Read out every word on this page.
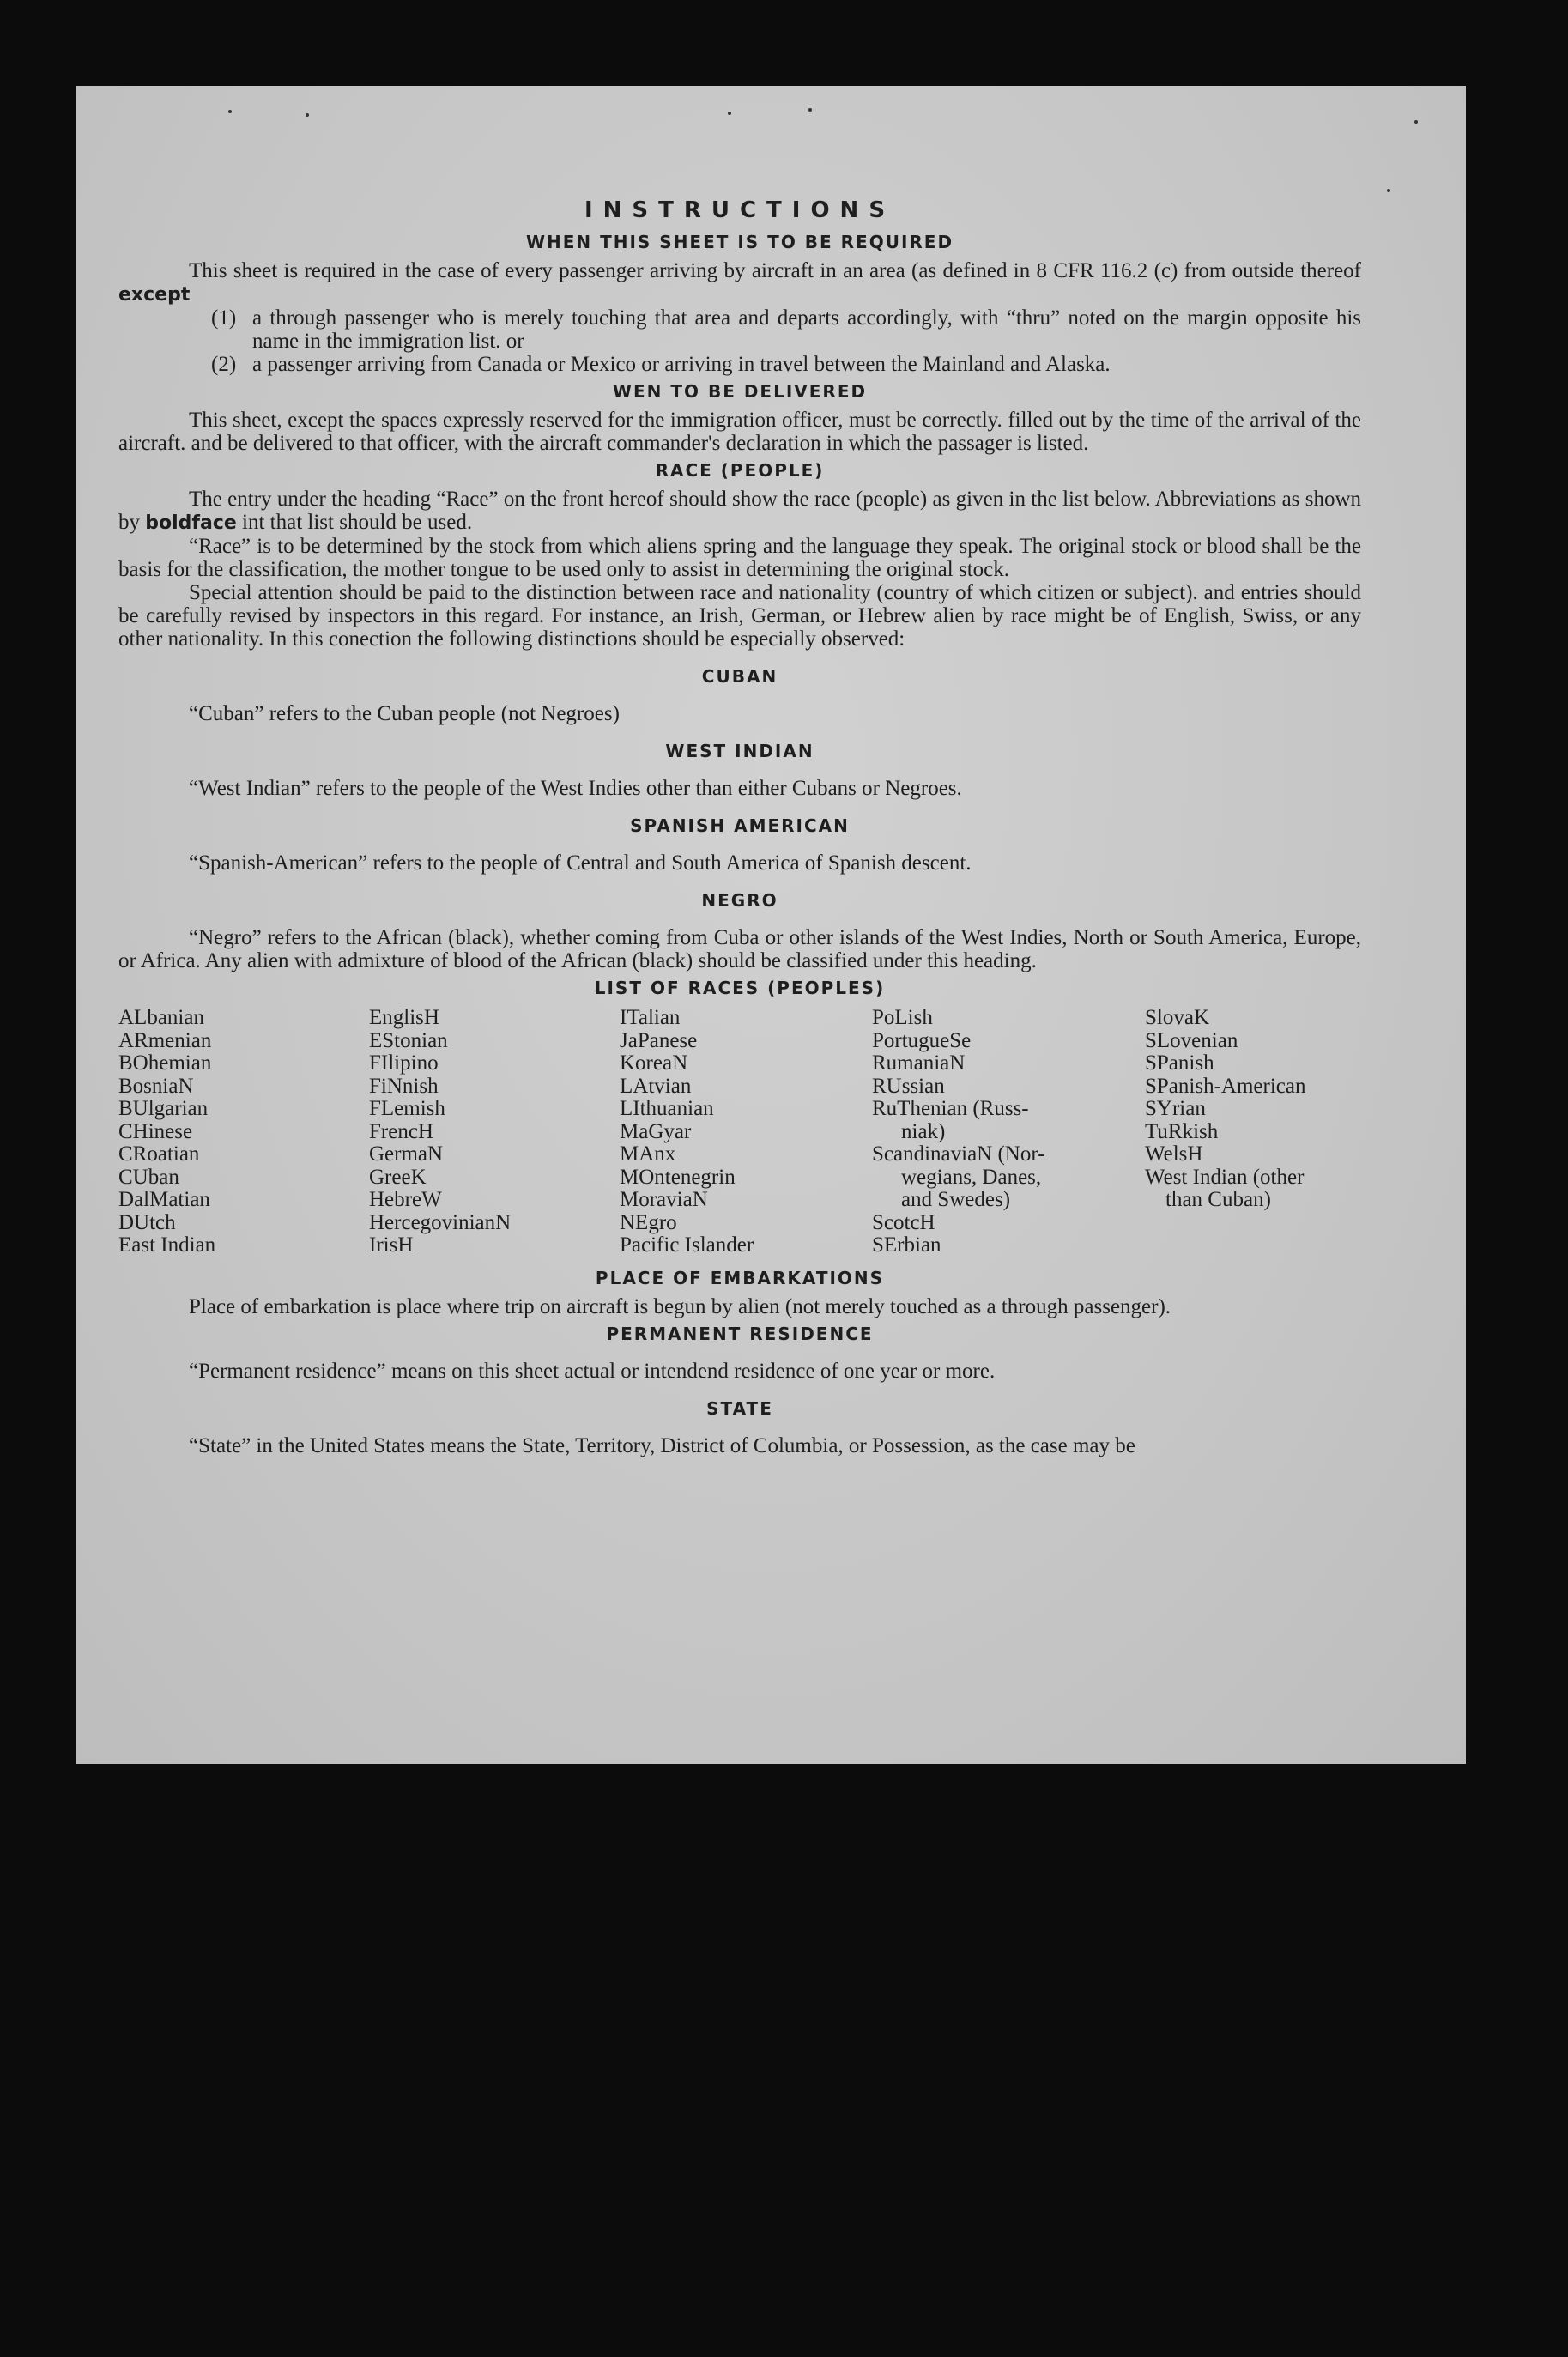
INSTRUCTIONS
WHEN THIS SHEET IS TO BE REQUIRED

This sheet is required in the case of every passenger arriving by aircraft in an area (as defined in 8 CFR 116.2 (c) from outside thereof except

(1) a through passenger who is merely touching that area and departs accordingly, with “thru” noted on the margin opposite his name in the immigration list. or
(2) a passenger arriving from Canada or Mexico or arriving in travel between the Mainland and Alaska.
WEN TO BE DELIVERED

This sheet, except the spaces expressly reserved for the immigration officer, must be correctly. filled out by the time of the arrival of the aircraft. and be delivered to that officer, with the aircraft commander's declaration in which the passager is listed.

RACE (PEOPLE)

The entry under the heading “Race” on the front hereof should show the race (people) as given in the list below. Abbreviations as shown by boldface int that list should be used.

“Race” is to be determined by the stock from which aliens spring and the language they speak. The original stock or blood shall be the basis for the classification, the mother tongue to be used only to assist in determining the original stock.

Special attention should be paid to the distinction between race and nationality (country of which citizen or subject). and entries should be carefully revised by inspectors in this regard. For instance, an Irish, German, or Hebrew alien by race might be of English, Swiss, or any other nationality. In this conection the following distinctions should be especially observed:

CUBAN

“Cuban” refers to the Cuban people (not Negroes)

WEST INDIAN

“West Indian” refers to the people of the West Indies other than either Cubans or Negroes.

SPANISH AMERICAN

“Spanish-American” refers to the people of Central and South America of Spanish descent.

NEGRO

“Negro” refers to the African (black), whether coming from Cuba or other islands of the West Indies, North or South America, Europe, or Africa. Any alien with admixture of blood of the African (black) should be classified under this heading.

LIST OF RACES (PEOPLES)
ALbanian
ARmenian
BOhemian
BosniaN
BUlgarian
CHinese
CRoatian
CUban
DalMatian
DUtch
East Indian
EnglisH
EStonian
FIlipino
FiNnish
FLemish
FrencH
GermaN
GreeK
HebreW
HercegovinianN
IrisH
ITalian
JaPanese
KoreaN
LAtvian
LIthuanian
MaGyar
MAnx
MOntenegrin
MoraviaN
NEgro
Pacific Islander
PoLish
PortugueSe
RumaniaN
RUssian
RuThenian (Russ-
niak)
ScandinaviaN (Nor-
wegians, Danes,
and Swedes)
ScotcH
SErbian
SlovaK
SLovenian
SPanish
SPanish-American
SYrian
TuRkish
WelsH
West Indian (other
than Cuban)
PLACE OF EMBARKATIONS

Place of embarkation is place where trip on aircraft is begun by alien (not merely touched as a through passenger).

PERMANENT RESIDENCE

“Permanent residence” means on this sheet actual or intendend residence of one year or more.

STATE

“State” in the United States means the State, Territory, District of Columbia, or Possession, as the case may be
